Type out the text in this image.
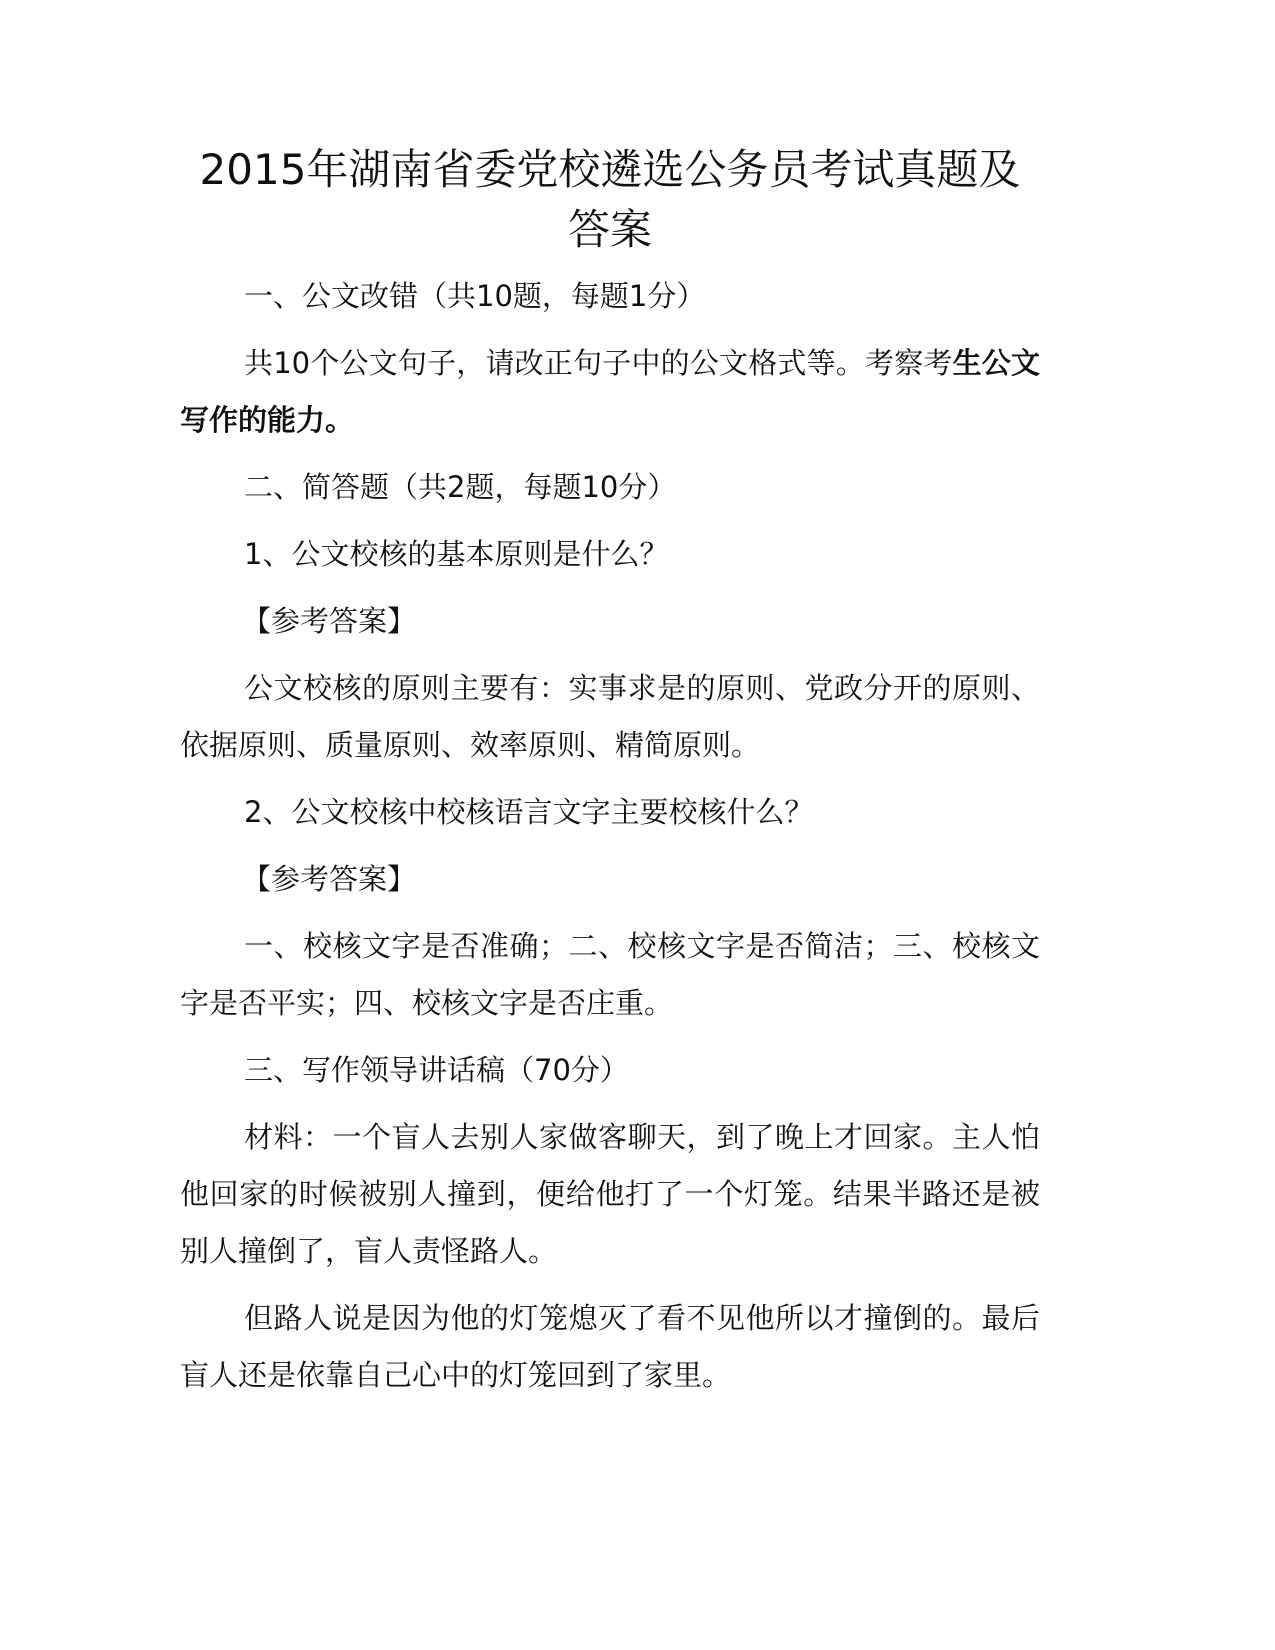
2015年湖南省委党校遴选公务员考试真题及答案

一、公文改错（共10题，每题1分）

共10个公文句子，请改正句子中的公文格式等。考察考生公文写作的能力。

二、简答题（共2题，每题10分）

1、公文校核的基本原则是什么？

【参考答案】

公文校核的原则主要有：实事求是的原则、党政分开的原则、依据原则、质量原则、效率原则、精简原则。

2、公文校核中校核语言文字主要校核什么？

【参考答案】

一、校核文字是否准确；二、校核文字是否简洁；三、校核文字是否平实；四、校核文字是否庄重。

三、写作领导讲话稿（70分）

材料：一个盲人去别人家做客聊天，到了晚上才回家。主人怕他回家的时候被别人撞到，便给他打了一个灯笼。结果半路还是被别人撞倒了，盲人责怪路人。

但路人说是因为他的灯笼熄灭了看不见他所以才撞倒的。最后盲人还是依靠自己心中的灯笼回到了家里。
